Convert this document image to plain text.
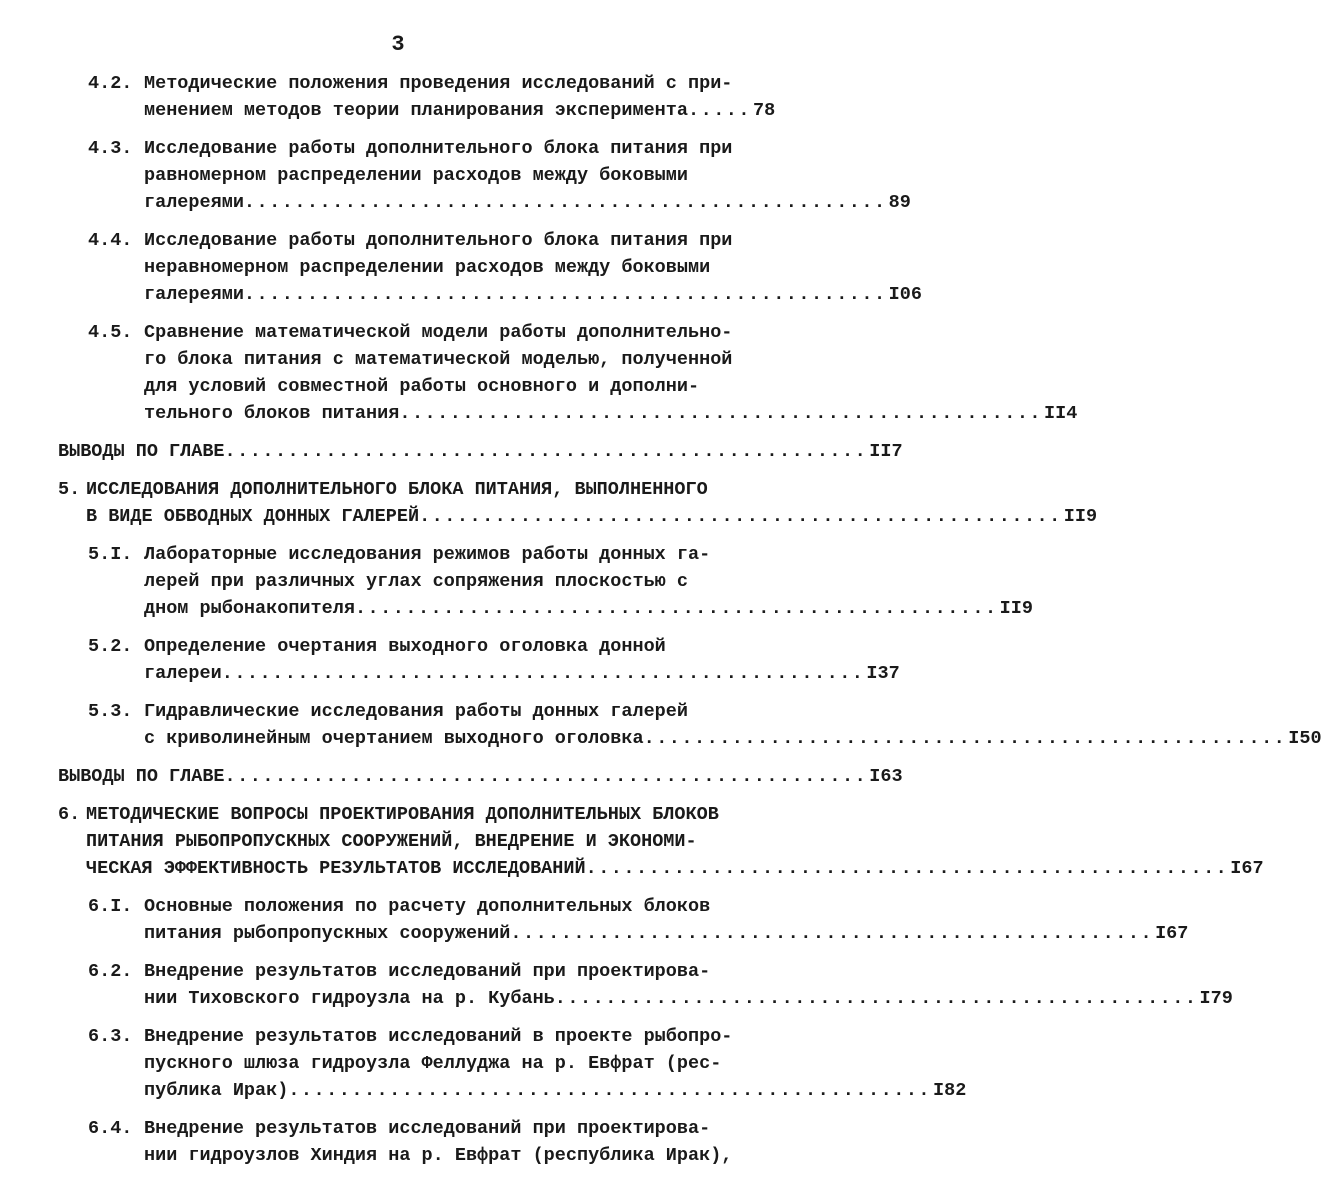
3
4.2. Методические положения проведения исследований с при-
менением методов теории планирования эксперимента ..... 78
4.3. Исследование работы дополнительного блока питания при
равномерном распределении расходов между боковыми
галереями ................................................... 89
4.4. Исследование работы дополнительного блока питания при
неравномерном распределении расходов между боковыми
галереями ................................................... I06
4.5. Сравнение математической модели работы дополнительно-
го блока питания с математической моделью, полученной
для условий совместной работы основного и дополни-
тельного блоков питания ................................................... II4
ВЫВОДЫ ПО ГЛАВЕ ................................................... II7
5. ИССЛЕДОВАНИЯ ДОПОЛНИТЕЛЬНОГО БЛОКА ПИТАНИЯ, ВЫПОЛНЕННОГО
В ВИДЕ ОБВОДНЫХ ДОННЫХ ГАЛЕРЕЙ ................................................... II9
5.I. Лабораторные исследования режимов работы донных га-
лерей при различных углах сопряжения плоскостью с
дном рыбонакопителя ................................................... II9
5.2. Определение очертания выходного оголовка донной
галереи ................................................... I37
5.3. Гидравлические исследования работы донных галерей
с криволинейным очертанием выходного оголовка ................................................... I50
ВЫВОДЫ ПО ГЛАВЕ ................................................... I63
6. МЕТОДИЧЕСКИЕ ВОПРОСЫ ПРОЕКТИРОВАНИЯ ДОПОЛНИТЕЛЬНЫХ БЛОКОВ
ПИТАНИЯ РЫБОПРОПУСКНЫХ СООРУЖЕНИЙ, ВНЕДРЕНИЕ И ЭКОНОМИ-
ЧЕСКАЯ ЭФФЕКТИВНОСТЬ РЕЗУЛЬТАТОВ ИССЛЕДОВАНИЙ ................................................... I67
6.I. Основные положения по расчету дополнительных блоков
питания рыбопропускных сооружений ................................................... I67
6.2. Внедрение результатов исследований при проектирова-
нии Тиховского гидроузла на р. Кубань ................................................... I79
6.3. Внедрение результатов исследований в проекте рыбопро-
пускного шлюза гидроузла Феллуджа на р. Евфрат (рес-
публика Ирак) ................................................... I82
6.4. Внедрение результатов исследований при проектирова-
нии гидроузлов Хиндия на р. Евфрат (республика Ирак),
